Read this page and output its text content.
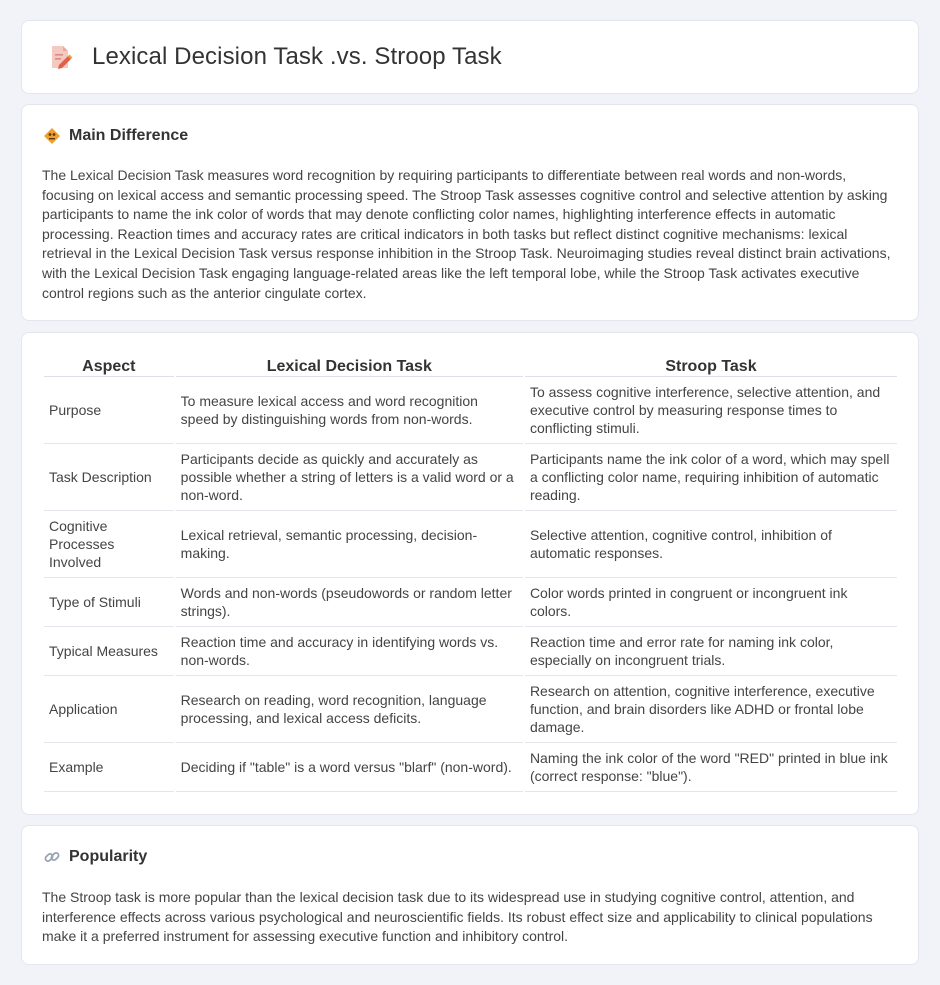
Lexical Decision Task .vs. Stroop Task
Main Difference

The Lexical Decision Task measures word recognition by requiring participants to differentiate between real words and non-words, focusing on lexical access and semantic processing speed. The Stroop Task assesses cognitive control and selective attention by asking participants to name the ink color of words that may denote conflicting color names, highlighting interference effects in automatic processing. Reaction times and accuracy rates are critical indicators in both tasks but reflect distinct cognitive mechanisms: lexical retrieval in the Lexical Decision Task versus response inhibition in the Stroop Task. Neuroimaging studies reveal distinct brain activations, with the Lexical Decision Task engaging language-related areas like the left temporal lobe, while the Stroop Task activates executive control regions such as the anterior cingulate cortex.

Aspect	Lexical Decision Task	Stroop Task
Purpose	To measure lexical access and word recognition speed by distinguishing words from non-words.	To assess cognitive interference, selective attention, and executive control by measuring response times to conflicting stimuli.
Task Description	Participants decide as quickly and accurately as possible whether a string of letters is a valid word or a non-word.	Participants name the ink color of a word, which may spell a conflicting color name, requiring inhibition of automatic reading.
Cognitive Processes Involved	Lexical retrieval, semantic processing, decision-making.	Selective attention, cognitive control, inhibition of automatic responses.
Type of Stimuli	Words and non-words (pseudowords or random letter strings).	Color words printed in congruent or incongruent ink colors.
Typical Measures	Reaction time and accuracy in identifying words vs. non-words.	Reaction time and error rate for naming ink color, especially on incongruent trials.
Application	Research on reading, word recognition, language processing, and lexical access deficits.	Research on attention, cognitive interference, executive function, and brain disorders like ADHD or frontal lobe damage.
Example	Deciding if "table" is a word versus "blarf" (non-word).	Naming the ink color of the word "RED" printed in blue ink (correct response: "blue").
Popularity

The Stroop task is more popular than the lexical decision task due to its widespread use in studying cognitive control, attention, and interference effects across various psychological and neuroscientific fields. Its robust effect size and applicability to clinical populations make it a preferred instrument for assessing executive function and inhibitory control.
